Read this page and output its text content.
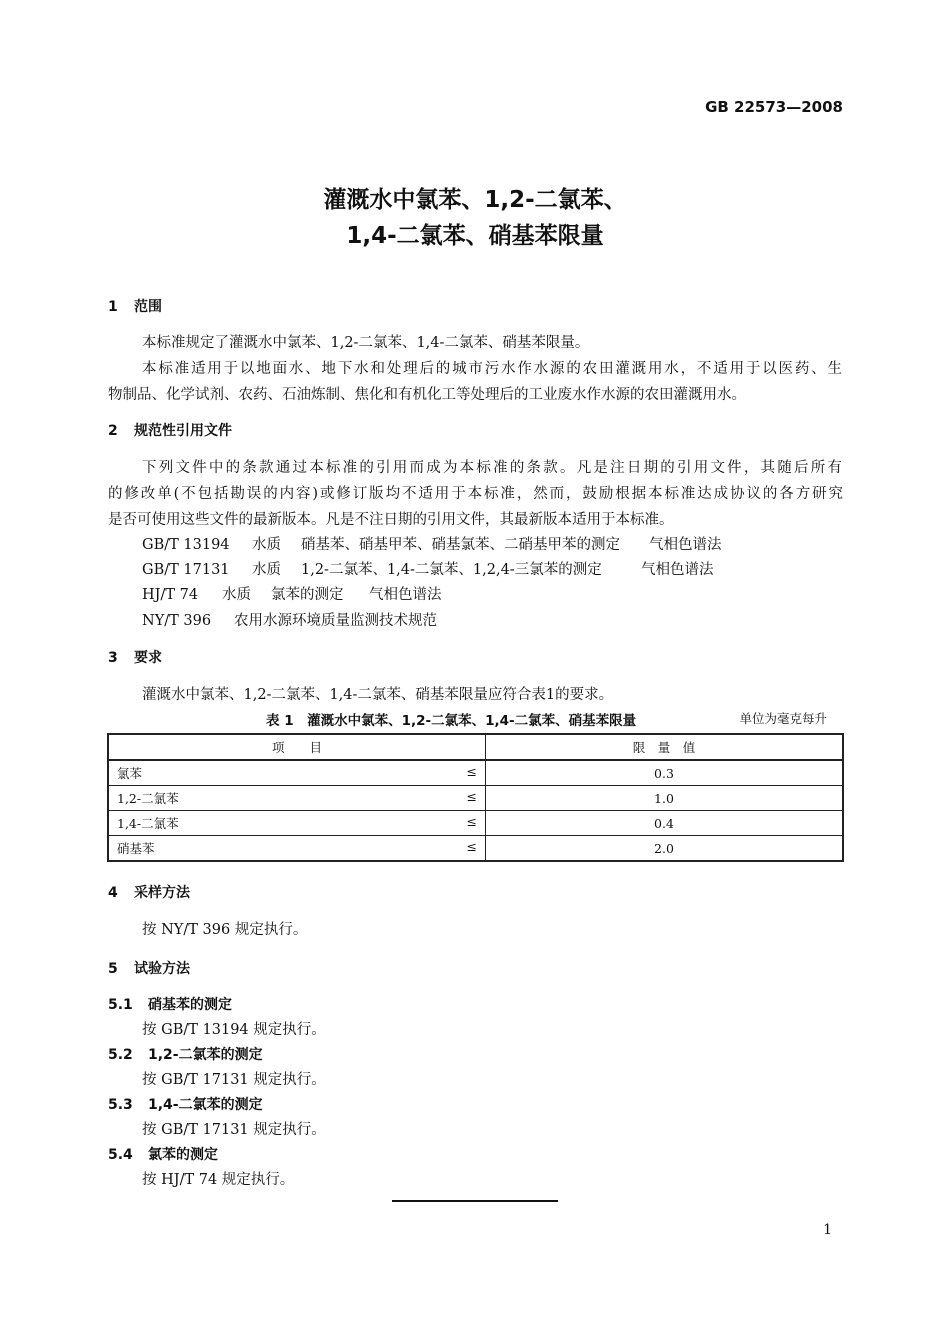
GB 22573—2008
灌溉水中氯苯、1,2-二氯苯、
1,4-二氯苯、硝基苯限量
1 范围
本标准规定了灌溉水中氯苯、1,2-二氯苯、1,4-二氯苯、硝基苯限量。
本标准适用于以地面水、地下水和处理后的城市污水作水源的农田灌溉用水，不适用于以医药、生
物制品、化学试剂、农药、石油炼制、焦化和有机化工等处理后的工业废水作水源的农田灌溉用水。
2 规范性引用文件
下列文件中的条款通过本标准的引用而成为本标准的条款。凡是注日期的引用文件，其随后所有
的修改单(不包括勘误的内容)或修订版均不适用于本标准，然而，鼓励根据本标准达成协议的各方研究
是否可使用这些文件的最新版本。凡是不注日期的引用文件，其最新版本适用于本标准。
GB/T 13194 水质 硝基苯、硝基甲苯、硝基氯苯、二硝基甲苯的测定 气相色谱法
GB/T 17131 水质 1,2-二氯苯、1,4-二氯苯、1,2,4-三氯苯的测定	气相色谱法
HJ/T 74 水质 氯苯的测定 气相色谱法
NY/T 396 农用水源环境质量监测技术规范
3 要求
灌溉水中氯苯、1,2-二氯苯、1,4-二氯苯、硝基苯限量应符合表1的要求。
表 1　灌溉水中氯苯、1,2-二氯苯、1,4-二氯苯、硝基苯限量	单位为毫克每升
项　　目	限　量　值

氯苯 ≤	0.3

1,2-二氯苯 ≤	1.0

1,4-二氯苯 ≤	0.4

硝基苯 ≤	2.0
4 采样方法
按 NY/T 396 规定执行。
5 试验方法
5.1 硝基苯的测定
按 GB/T 13194 规定执行。
5.2 1,2-二氯苯的测定
按 GB/T 17131 规定执行。
5.3 1,4-二氯苯的测定
按 GB/T 17131 规定执行。
5.4 氯苯的测定
按 HJ/T 74 规定执行。
1
